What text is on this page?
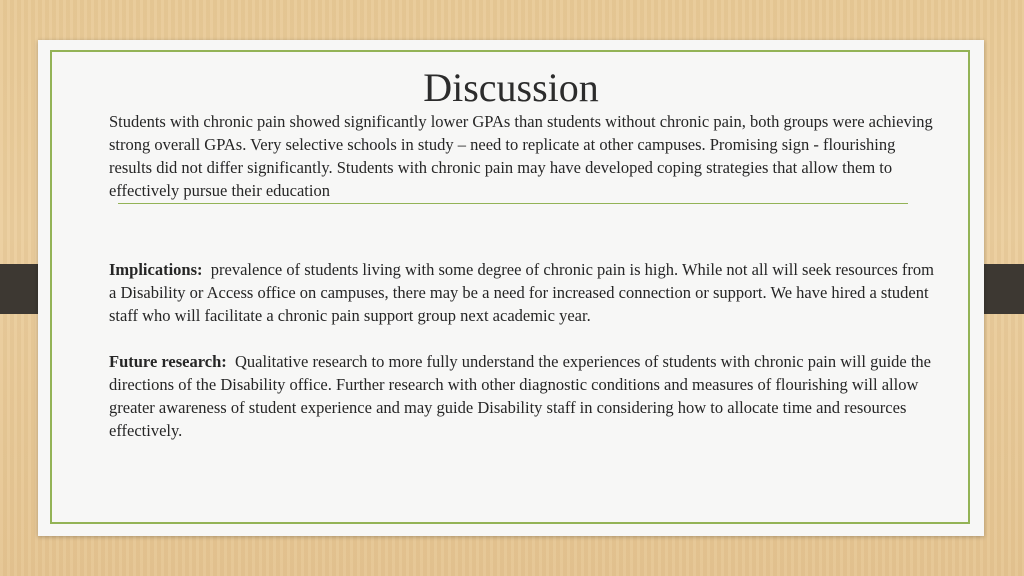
Discussion

Students with chronic pain showed significantly lower GPAs than students without chronic pain, both groups were achieving strong overall GPAs. Very selective schools in study – need to replicate at other campuses. Promising sign - flourishing results did not differ significantly. Students with chronic pain may have developed coping strategies that allow them to effectively pursue their education

Implications: prevalence of students living with some degree of chronic pain is high. While not all will seek resources from a Disability or Access office on campuses, there may be a need for increased connection or support. We have hired a student staff who will facilitate a chronic pain support group next academic year.

Future research: Qualitative research to more fully understand the experiences of students with chronic pain will guide the directions of the Disability office. Further research with other diagnostic conditions and measures of flourishing will allow greater awareness of student experience and may guide Disability staff in considering how to allocate time and resources effectively.
